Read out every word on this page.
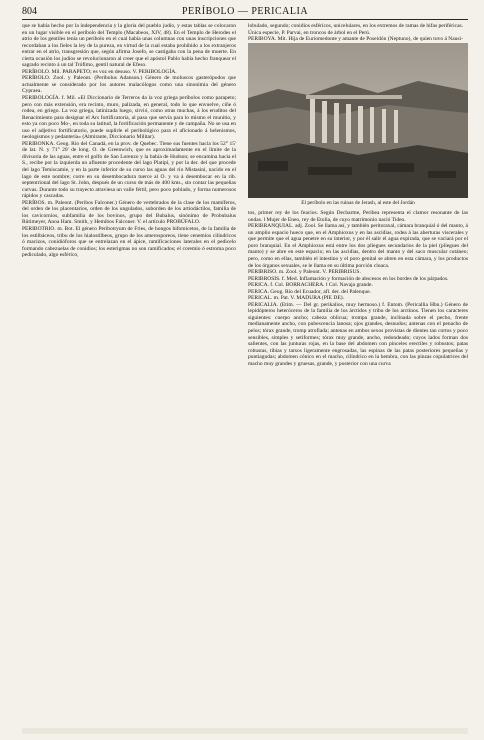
804	PERÍBOLO — PERICALIA

que se había hecho por la independencia y la gloria del pueblo judío, y estas tablas se colocaron en un lugar visible en el períbolo del Templo (Macabeos, XIV, 48). En el Templo de Herodes el atrio de los gentiles tenía un períbolo en el cual había unas columnas con unas inscripciones que recordaban a los fieles la ley de la pureza, en virtud de la cual estaba prohibido a los extranjeros entrar en el atrio, transgresión que, según afirma Josefo, se castigaba con la pena de muerte. En cierta ocasión los judíos se revolucionaron al creer que el apóstol Pablo había hecho franquear el sagrado recinto á un tal Trófimo, gentil natural de Efeso.

PERÍBOLO. Mil. PARAPETO; es voz en desuso. V. PERIBOLOGÍA.

PERÍBOLO. Zool. y Paleont. (Peribolus Adanson.) Género de moluscos gasterópodos que actualmente se considerado por los autores malacólogos como una sinonimia del género Cypraea.

PERIBOLOGÍA. f. Mil. «El Diccionario de Terreros da la voz griega períbolos como parapeto; pero con más extensión, era recinto, muro, palizada, en general, todo lo que envuelve, ciñe ó rodea, en griego. La voz griega, latinizada luego, sirvió, como otras muchas, á los eruditos del Renacimiento para designar el Ars fortificatoria, al paso que servía para lo mismo el munitio, y esto ya con poco Mo-, en toda su latitud, la fortificación permanente y de campaña. No se usa en uso el adjetivo fortificatorio, puede suplirle el peribológico para el aficionado á helenismos, neologismos y pedantería» (Almirante, Diccionario Militar).

PERIBONKA. Geog. Río del Canadá, en la prov. de Quebec. Tiene sus fuentes hacia los 52° 15' de lat. N. y 71° 20' de long. O. de Greenwich, que es aproximadamente en el límite de la divisoria de las aguas, entre el golfo de San Lorenzo y la bahía de Hudson; se encamina hacia el S., recibe por la izquierda un afluente procedente del lago Platipí, y por la der. del que procede del lago Temiscamie, y en la parte inferior de su curso las aguas del río Mistasini, nacido en el lago de este nombre; corre en su desembocadura tuerce al O. y va á desembocar en la rib. septentrional del lago St. John, después de un curso de más de 400 kms., sin contar las pequeñas curvas. Durante todo su trayecto atraviesa un valle fértil, pero poco poblado, y forma numerosos rápidos y cascadas.

PERÍBOS. m. Paleont. (Peribos Falconer.) Género de vertebrados de la clase de los mamíferos, del orden de los placentarios, orden de los ungulados, suborden de los artiodáctilos, familia de los cavicornios, subfamilia de los bovinos, grupo del Bubalus, sinónimo de Probubalus Rütimeyer, Anoa Ham. Smith, y Hemibos Falconer. V. el artículo PROBÚFALO.

PERIBOTRIO. m. Bot. El género Peribotryum de Fries, de hongos hifomicetos, de la familia de los estilbáceos, tribu de los hialostilbeos, grupo de los amerosporeos, tiene cenemios cilíndricos ó macizos, conidióforos que se entrelazan en el ápice, ramificaciones laterales en el pedicelo formando cabezuelas de conidios; los esterigmas no son ramificados; el coremio ó estroma poco pediculado, algo esférico,

lobulado, segundo; conidios esféricos, unicelulares, en los extremos de ramas de hifas periféricas.

Única especie, P. Parvai, en troncos de árbol en el Perú.

PERIBOYA. Mit. Hija de Euríomedonte y amante de Poseidón (Neptuno), de quien tuvo á Nausi-

El períbolo en las ruinas de Jerash, al este del Jordán

tos, primer rey de los feacios. Según Decharme, Peribea representa el clamor resonante de las ondas. ‖ Mujer de Eneo, rey de Etolia, de cuyo matrimonio nació Tideo.

PERIBRANQUIAL. adj. Zool. Se llama así, y también peritoraxal, cámara branquial ó del manto, á un amplio espacio hueco que, en el Amphioxus y en las ascidias, rodea á las aberturas viscerales y que permite que el agua penetre en su interior, y por él salir el agua expirada, que se vaciará por el poro branquial. En el Amphioxus está entre los dos pliegues secundarios de la piel (pliegues del manto) y se abre en este espacio; en las ascidias, dentro del manto y del saco muscular cutáneo; pero, como en ellas, también el intestino y el poro genital se abren en esta cámara, y los productos de los órganos sexuales, se le llama en su última porción cloaca.

PERIBRISO. m. Zool. y Paleont. V. PERIBRISUS.

PERIBROSIS. f. Med. Inflamación y formación de abscesos en los bordes de los párpados.

PERICA. f. Col. BORRACHERA. ‖ Col. Navaja grande.

PERICA. Geog. Río del Ecuador, afl. der. del Palenque.

PERICAL. m. Pat. V. MADURA (PIE DE).

PERICALIA. (Etim. — Del gr. perikalios, muy hermoso.) f. Entom. (Pericallia Hbn.) Género de lepidópteros heteróceros de la familia de los árctidos y tribu de los arctinos. Tienen los caracteres siguientes: cuerpo ancho; cabeza oblicua; trompa grande, inclinada sobre el pecho, frente medianamente ancho, con pubescencia lanosa; ojos grandes, desnudos; antenas con el penacho de pelos; tórax grande, tromp atrofiada; antenas en ambos sexos provistas de dientes tan cortos y poco sensibles, simples y setiformes; tórax muy grande, ancho, redondeado; cuyos lados forman dos salientes, con las junturas rojas, en la base del abdomen con pinceles erectiles y robustos; patas robustas, tibias y tarsos ligeramente engrosadas, las espinas de las patas posteriores pequeñas y puntiagudas; abdomen cónico en el macho, cilíndrico en la hembra, con las pinzas copulatrices del macho muy grandes y gruesas, grande, y posterior con una curva
